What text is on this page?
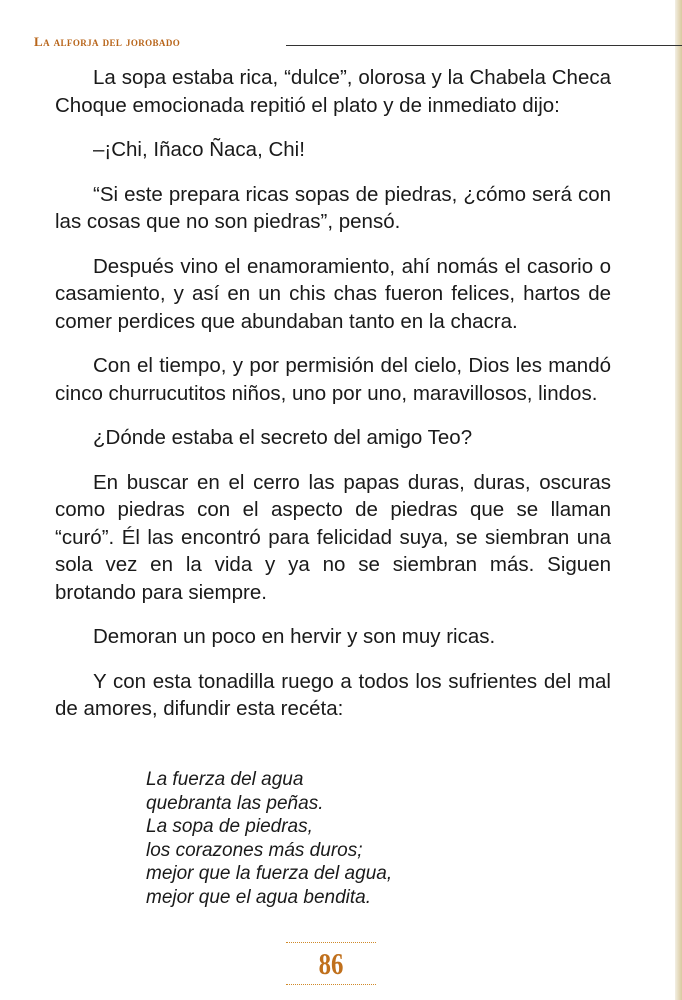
La alforja del jorobado

La sopa estaba rica, “dulce”, olorosa y la Chabela Checa Choque emocionada repitió el plato y de inmediato dijo:

–¡Chi, Iñaco Ñaca, Chi!

“Si este prepara ricas sopas de piedras, ¿cómo será con las cosas que no son piedras”, pensó.

Después vino el enamoramiento, ahí nomás el casorio o casamiento, y así en un chis chas fueron felices, hartos de comer perdices que abundaban tanto en la chacra.

Con el tiempo, y por permisión del cielo, Dios les mandó cinco churrucutitos niños, uno por uno, maravillosos, lindos.

¿Dónde estaba el secreto del amigo Teo?

En buscar en el cerro las papas duras, duras, oscuras como piedras con el aspecto de piedras que se llaman “curó”. Él las encontró para felicidad suya, se siembran una sola vez en la vida y ya no se siembran más. Siguen brotando para siempre.

Demoran un poco en hervir y son muy ricas.

Y con esta tonadilla ruego a todos los sufrientes del mal de amores, difundir esta recéta:

La fuerza del agua
quebranta las peñas.
La sopa de piedras,
los corazones más duros;
mejor que la fuerza del agua,
mejor que el agua bendita.
86
